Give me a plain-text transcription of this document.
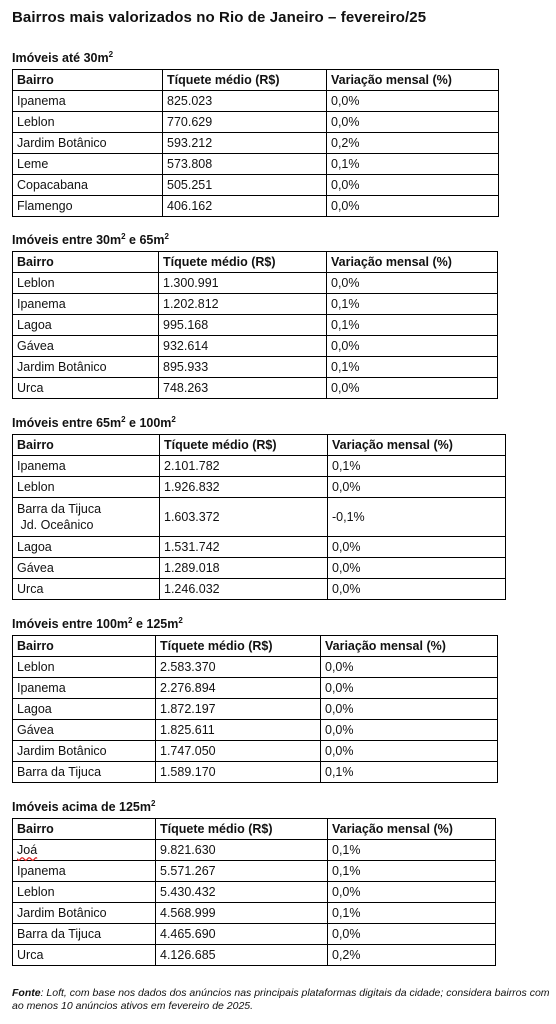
Bairros mais valorizados no Rio de Janeiro – fevereiro/25
Imóveis até $30m^2$
Bairro	Tíquete médio (R$)	Variação mensal (%)
Ipanema	825.023	0,0%
Leblon	770.629	0,0%
Jardim Botânico	593.212	0,2%
Leme	573.808	0,1%
Copacabana	505.251	0,0%
Flamengo	406.162	0,0%
Imóveis entre $30m^2$ e $65m^2$
Bairro	Tíquete médio (R$)	Variação mensal (%)
Leblon	1.300.991	0,0%
Ipanema	1.202.812	0,1%
Lagoa	995.168	0,1%
Gávea	932.614	0,0%
Jardim Botânico	895.933	0,1%
Urca	748.263	0,0%
Imóveis entre $65m^2$ e $100m^2$
Bairro	Tíquete médio (R$)	Variação mensal (%)
Ipanema	2.101.782	0,1%
Leblon	1.926.832	0,0%
Barra da Tijuca
Jd. Oceânico	1.603.372	-0,1%
Lagoa	1.531.742	0,0%
Gávea	1.289.018	0,0%
Urca	1.246.032	0,0%
Imóveis entre $100m^2$ e $125m^2$
Bairro	Tíquete médio (R$)	Variação mensal (%)
Leblon	2.583.370	0,0%
Ipanema	2.276.894	0,0%
Lagoa	1.872.197	0,0%
Gávea	1.825.611	0,0%
Jardim Botânico	1.747.050	0,0%
Barra da Tijuca	1.589.170	0,1%
Imóveis acima de $125m^2$
Bairro	Tíquete médio (R$)	Variação mensal (%)
Joá	9.821.630	0,1%
Ipanema	5.571.267	0,1%
Leblon	5.430.432	0,0%
Jardim Botânico	4.568.999	0,1%
Barra da Tijuca	4.465.690	0,0%
Urca	4.126.685	0,2%
Fonte: Loft, com base nos dados dos anúncios nas principais plataformas digitais da cidade; considera bairros com ao menos 10 anúncios ativos em fevereiro de 2025.
